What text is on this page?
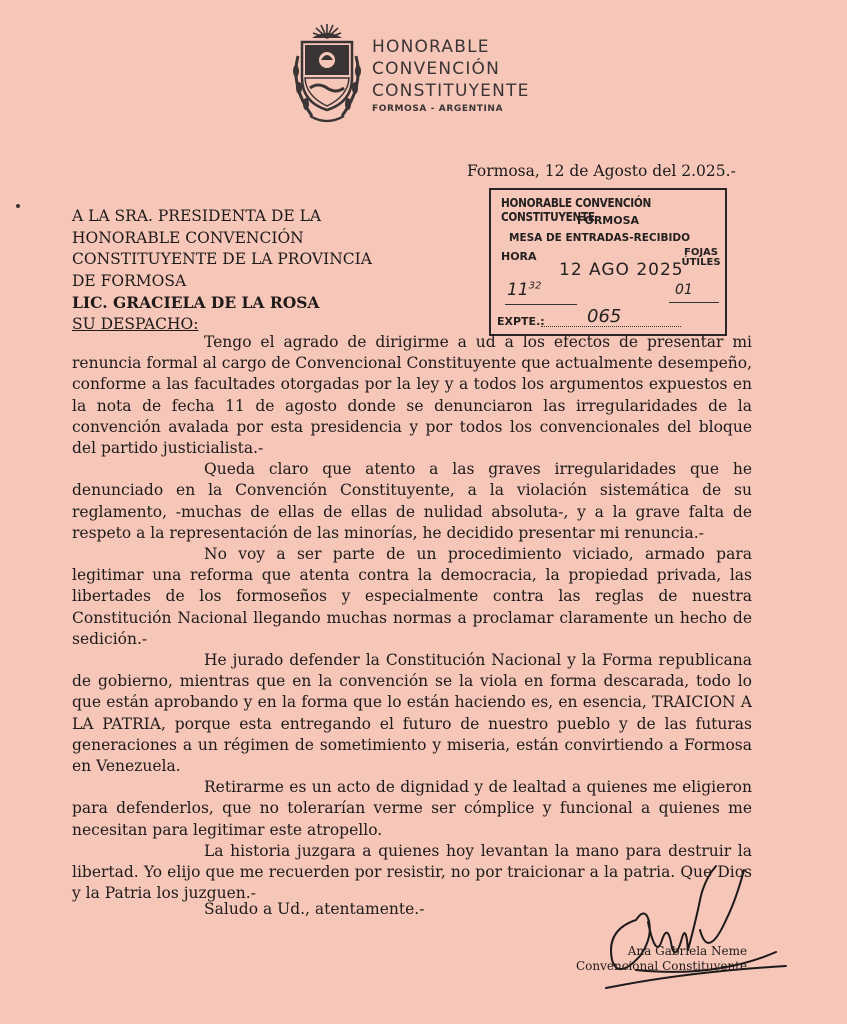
HONORABLE
CONVENCIÓN
CONSTITUYENTE
FORMOSA - ARGENTINA
Formosa, 12 de Agosto del 2.025.-
A LA SRA. PRESIDENTA DE LA
HONORABLE CONVENCIÓN
CONSTITUYENTE DE LA PROVINCIA
DE FORMOSA
LIC. GRACIELA DE LA ROSA
SU DESPACHO:
HONORABLE CONVENCIÓN CONSTITUYENTE
FORMOSA
MESA DE ENTRADAS-RECIBIDO
HORA
12 AGO 2025
FOJAS ÚTILES
$11^{32}$	01
EXPTE.: 065

Tengo el agrado de dirigirme a ud a los efectos de presentar mi renuncia formal al cargo de Convencional Constituyente que actualmente desempeño, conforme a las facultades otorgadas por la ley y a todos los argumentos expuestos en la nota de fecha 11 de agosto donde se denunciaron las irregularidades de la convención avalada por esta presidencia y por todos los convencionales del bloque del partido justicialista.-

Queda claro que atento a las graves irregularidades que he denunciado en la Convención Constituyente, a la violación sistemática de su reglamento, -muchas de ellas de ellas de nulidad absoluta-, y a la grave falta de respeto a la representación de las minorías, he decidido presentar mi renuncia.-

No voy a ser parte de un procedimiento viciado, armado para legitimar una reforma que atenta contra la democracia, la propiedad privada, las libertades de los formoseños y especialmente contra las reglas de nuestra Constitución Nacional llegando muchas normas a proclamar claramente un hecho de sedición.-

He jurado defender la Constitución Nacional y la Forma republicana de gobierno, mientras que en la convención se la viola en forma descarada, todo lo que están aprobando y en la forma que lo están haciendo es, en esencia, TRAICION A LA PATRIA, porque esta entregando el futuro de nuestro pueblo y de las futuras generaciones a un régimen de sometimiento y miseria, están convirtiendo a Formosa en Venezuela.

Retirarme es un acto de dignidad y de lealtad a quienes me eligieron para defenderlos, que no tolerarían verme ser cómplice y funcional a quienes me necesitan para legitimar este atropello.

La historia juzgara a quienes hoy levantan la mano para destruir la libertad. Yo elijo que me recuerden por resistir, no por traicionar a la patria. Que Dios y la Patria los juzguen.-

Saludo a Ud., atentamente.-
Ana Gabriela Neme
Convencional Constituyente
